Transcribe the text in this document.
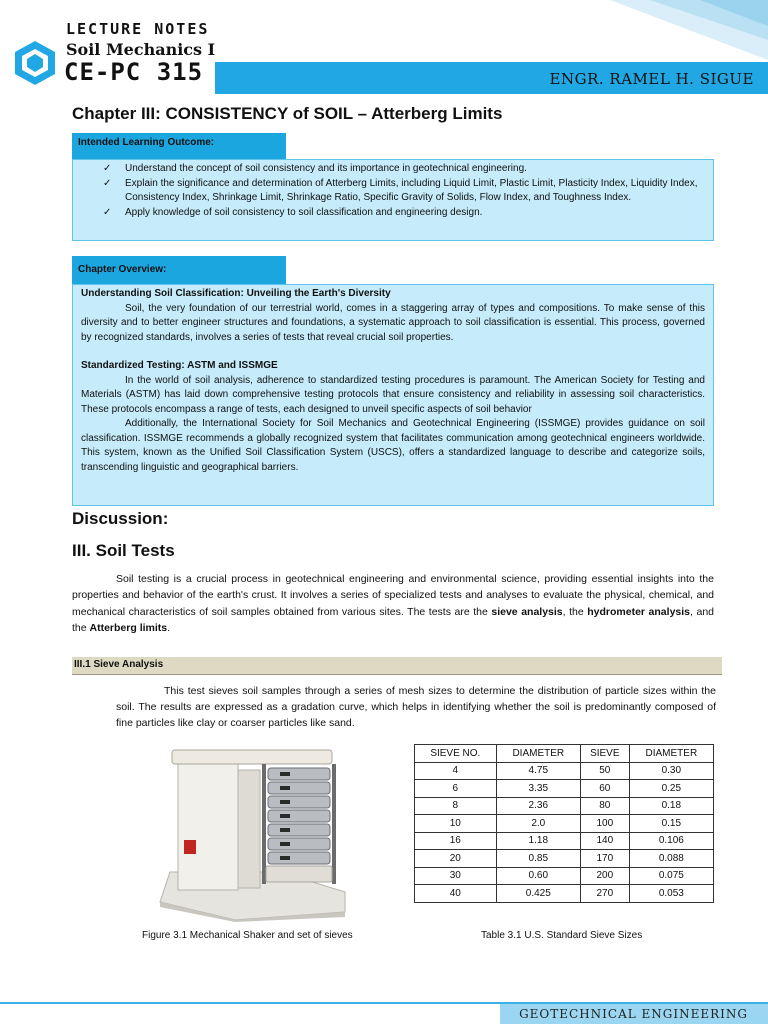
LECTURE NOTES
Soil Mechanics I
CE-PC 315	ENGR. RAMEL H. SIGUE
Chapter III: CONSISTENCY of SOIL – Atterberg Limits
Intended Learning Outcome:
✓ Understand the concept of soil consistency and its importance in geotechnical engineering.
✓ Explain the significance and determination of Atterberg Limits, including Liquid Limit, Plastic Limit, Plasticity Index, Liquidity Index, Consistency Index, Shrinkage Limit, Shrinkage Ratio, Specific Gravity of Solids, Flow Index, and Toughness Index.
✓ Apply knowledge of soil consistency to soil classification and engineering design.
Chapter Overview:
Understanding Soil Classification: Unveiling the Earth's Diversity
Soil, the very foundation of our terrestrial world, comes in a staggering array of types and compositions. To make sense of this diversity and to better engineer structures and foundations, a systematic approach to soil classification is essential. This process, governed by recognized standards, involves a series of tests that reveal crucial soil properties.
Standardized Testing: ASTM and ISSMGE
In the world of soil analysis, adherence to standardized testing procedures is paramount. The American Society for Testing and Materials (ASTM) has laid down comprehensive testing protocols that ensure consistency and reliability in assessing soil characteristics. These protocols encompass a range of tests, each designed to unveil specific aspects of soil behavior
Additionally, the International Society for Soil Mechanics and Geotechnical Engineering (ISSMGE) provides guidance on soil classification. ISSMGE recommends a globally recognized system that facilitates communication among geotechnical engineers worldwide. This system, known as the Unified Soil Classification System (USCS), offers a standardized language to describe and categorize soils, transcending linguistic and geographical barriers.
Discussion:
III. Soil Tests
Soil testing is a crucial process in geotechnical engineering and environmental science, providing essential insights into the properties and behavior of the earth's crust. It involves a series of specialized tests and analyses to evaluate the physical, chemical, and mechanical characteristics of soil samples obtained from various sites. The tests are the sieve analysis, the hydrometer analysis, and the Atterberg limits.
III.1 Sieve Analysis
This test sieves soil samples through a series of mesh sizes to determine the distribution of particle sizes within the soil. The results are expressed as a gradation curve, which helps in identifying whether the soil is predominantly composed of fine particles like clay or coarser particles like sand.
Figure 3.1 Mechanical Shaker and set of sieves
SIEVE NO.	DIAMETER	SIEVE	DIAMETER
4	4.75	50	0.30
6	3.35	60	0.25
8	2.36	80	0.18
10	2.0	100	0.15
16	1.18	140	0.106
20	0.85	170	0.088
30	0.60	200	0.075
40	0.425	270	0.053
Table 3.1 U.S. Standard Sieve Sizes
GEOTECHNICAL ENGINEERING
